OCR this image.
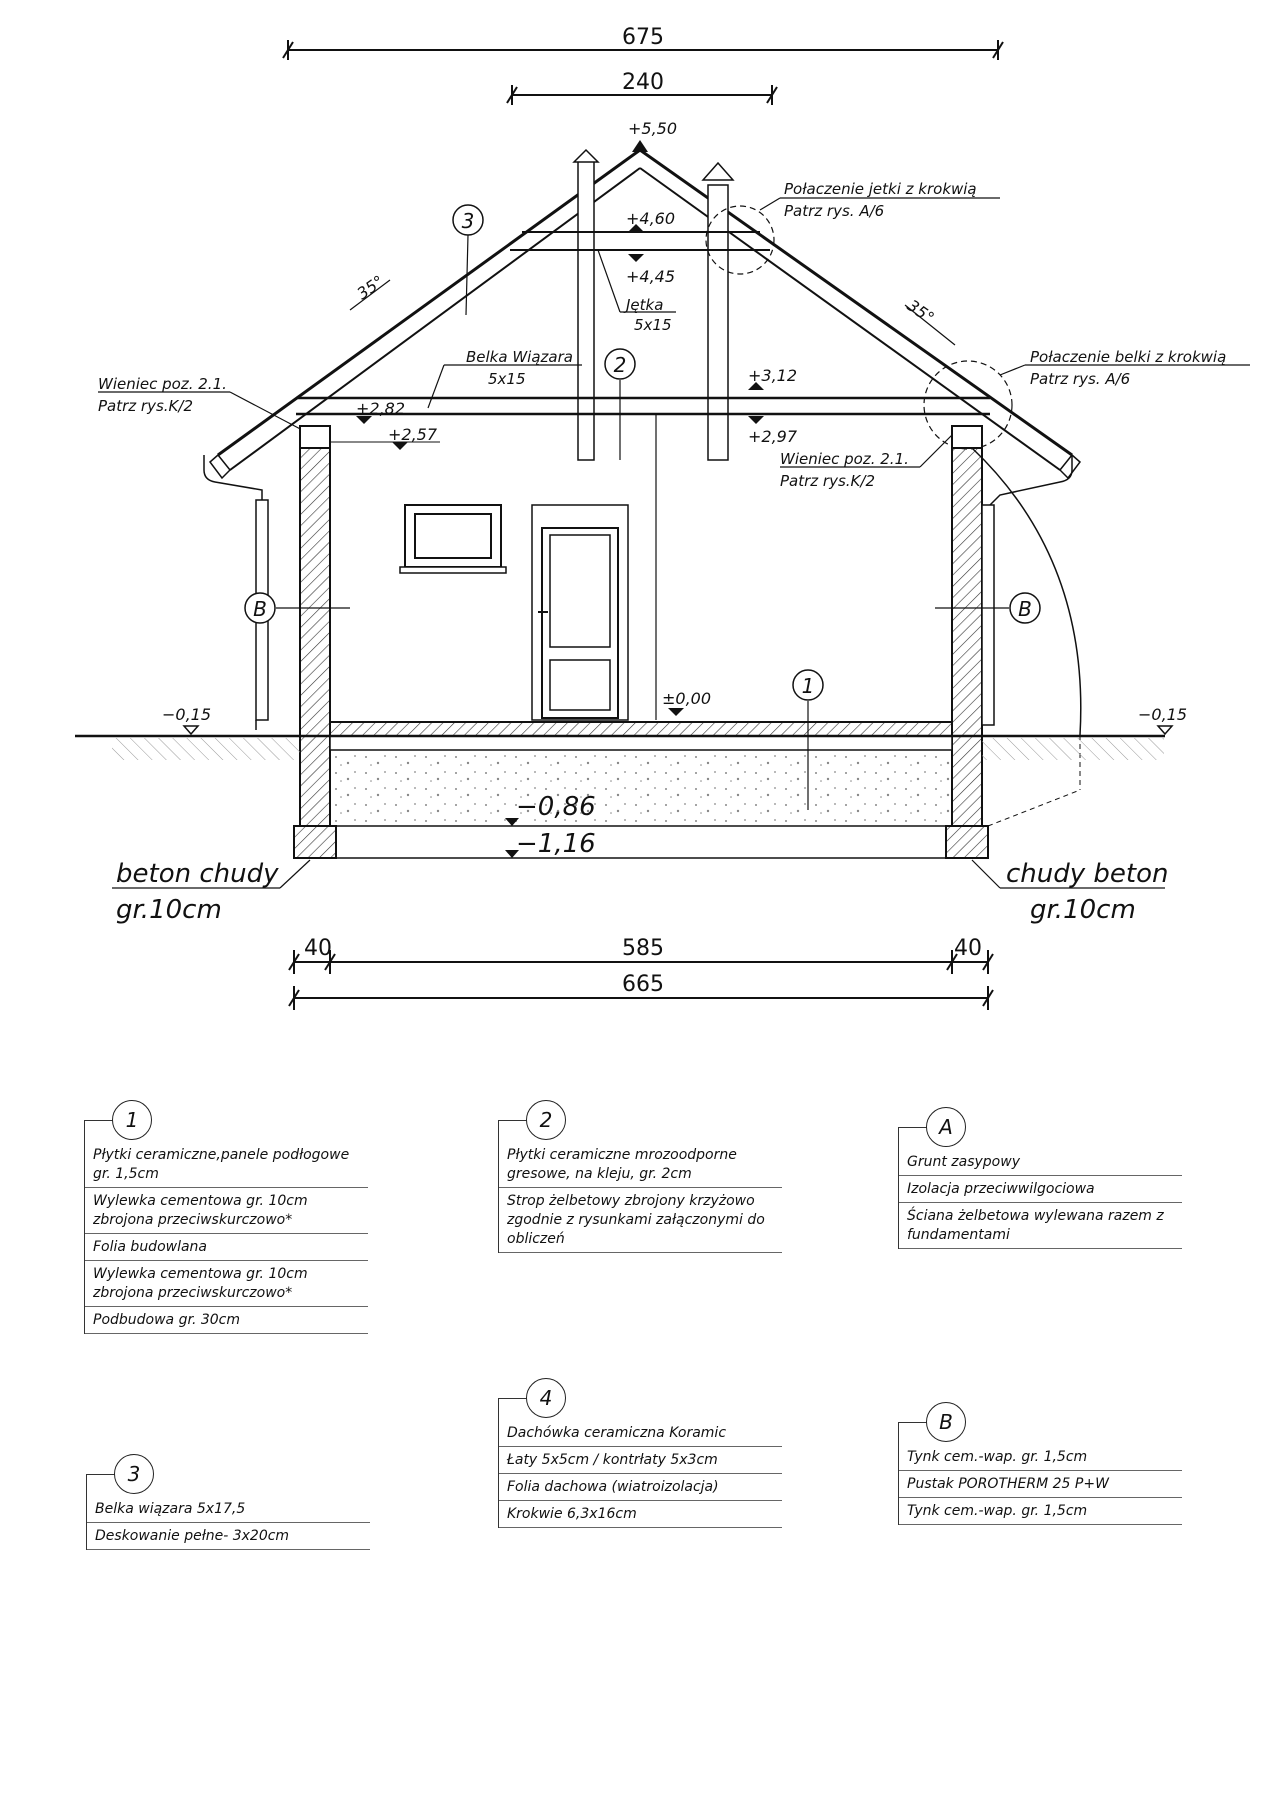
675
240
+5,50
+4,60
+4,45
Jętka
5x15
Połaczenie jetki z krokwią
Patrz rys. A/6
35°
35°
3
Belka Wiązara
5x15
2
+2,82
+2,57
+3,12
+2,97
Wieniec poz. 2.1.
Patrz rys.K/2
Wieniec poz. 2.1.
Patrz rys.K/2
Połaczenie belki z krokwią
Patrz rys. A/6
B	B
±0,00
1
−0,15	−0,15
−0,86
−1,16
beton chudy
gr.10cm
chudy beton
gr.10cm
40	585	40
665
1
Płytki ceramiczne,panele podłogowe gr. 1,5cm
Wylewka cementowa gr. 10cm zbrojona przeciwskurczowo*
Folia budowlana
Wylewka cementowa gr. 10cm zbrojona przeciwskurczowo*
Podbudowa gr. 30cm
2
Płytki ceramiczne mrozoodporne gresowe, na kleju, gr. 2cm
Strop żelbetowy zbrojony krzyżowo zgodnie z rysunkami załączonymi do obliczeń
A
Grunt zasypowy
Izolacja przeciwwilgociowa
Ściana żelbetowa wylewana razem z fundamentami
3
Belka wiązara 5x17,5
Deskowanie pełne- 3x20cm
4
Dachówka ceramiczna Koramic
Łaty 5x5cm / kontrłaty 5x3cm
Folia dachowa (wiatroizolacja)
Krokwie 6,3x16cm
B
Tynk cem.-wap. gr. 1,5cm
Pustak POROTHERM 25 P+W
Tynk cem.-wap. gr. 1,5cm
